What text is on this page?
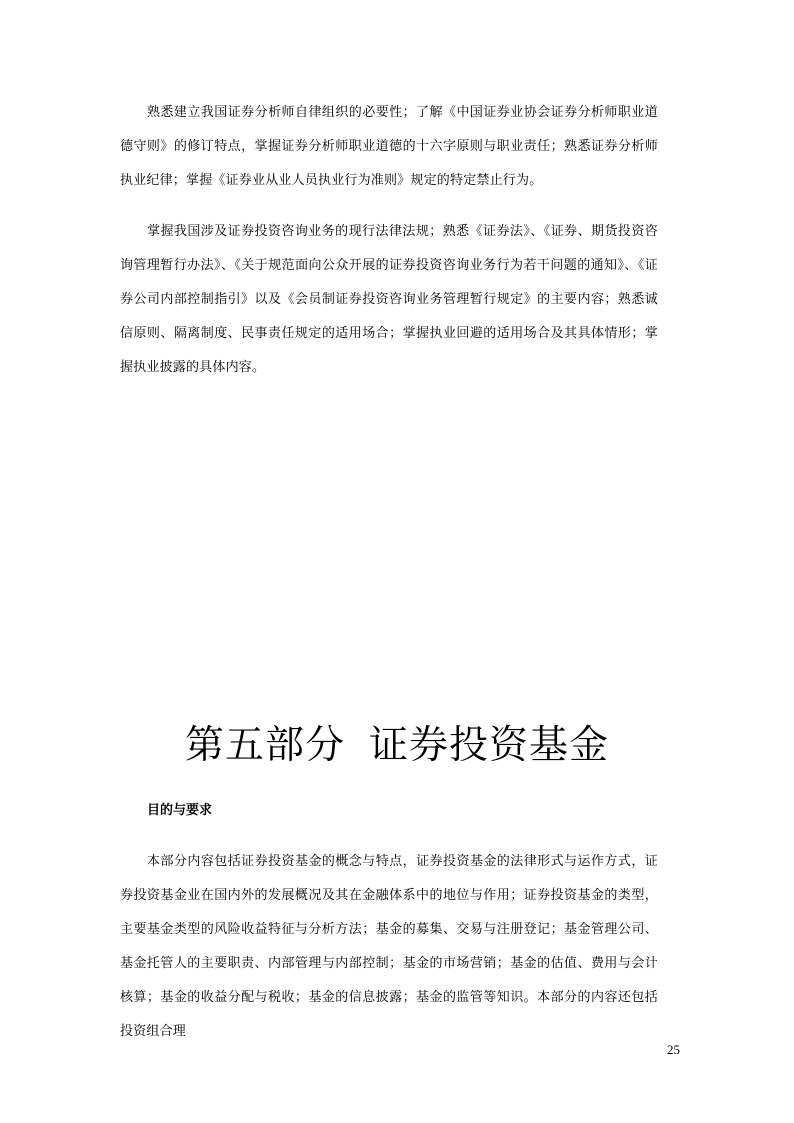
熟悉建立我国证券分析师自律组织的必要性；了解《中国证券业协会证券分析师职业道德守则》的修订特点，掌握证券分析师职业道德的十六字原则与职业责任；熟悉证券分析师执业纪律；掌握《证券业从业人员执业行为准则》规定的特定禁止行为。

掌握我国涉及证券投资咨询业务的现行法律法规；熟悉《证券法》、《证券、期货投资咨询管理暂行办法》、《关于规范面向公众开展的证券投资咨询业务行为若干问题的通知》、《证券公司内部控制指引》以及《会员制证券投资咨询业务管理暂行规定》的主要内容；熟悉诚信原则、隔离制度、民事责任规定的适用场合；掌握执业回避的适用场合及其具体情形；掌握执业披露的具体内容。

第五部分 证券投资基金
目的与要求

本部分内容包括证券投资基金的概念与特点，证券投资基金的法律形式与运作方式，证券投资基金业在国内外的发展概况及其在金融体系中的地位与作用；证券投资基金的类型，主要基金类型的风险收益特征与分析方法；基金的募集、交易与注册登记；基金管理公司、基金托管人的主要职责、内部管理与内部控制；基金的市场营销；基金的估值、费用与会计核算；基金的收益分配与税收；基金的信息披露；基金的监管等知识。本部分的内容还包括投资组合理

25
